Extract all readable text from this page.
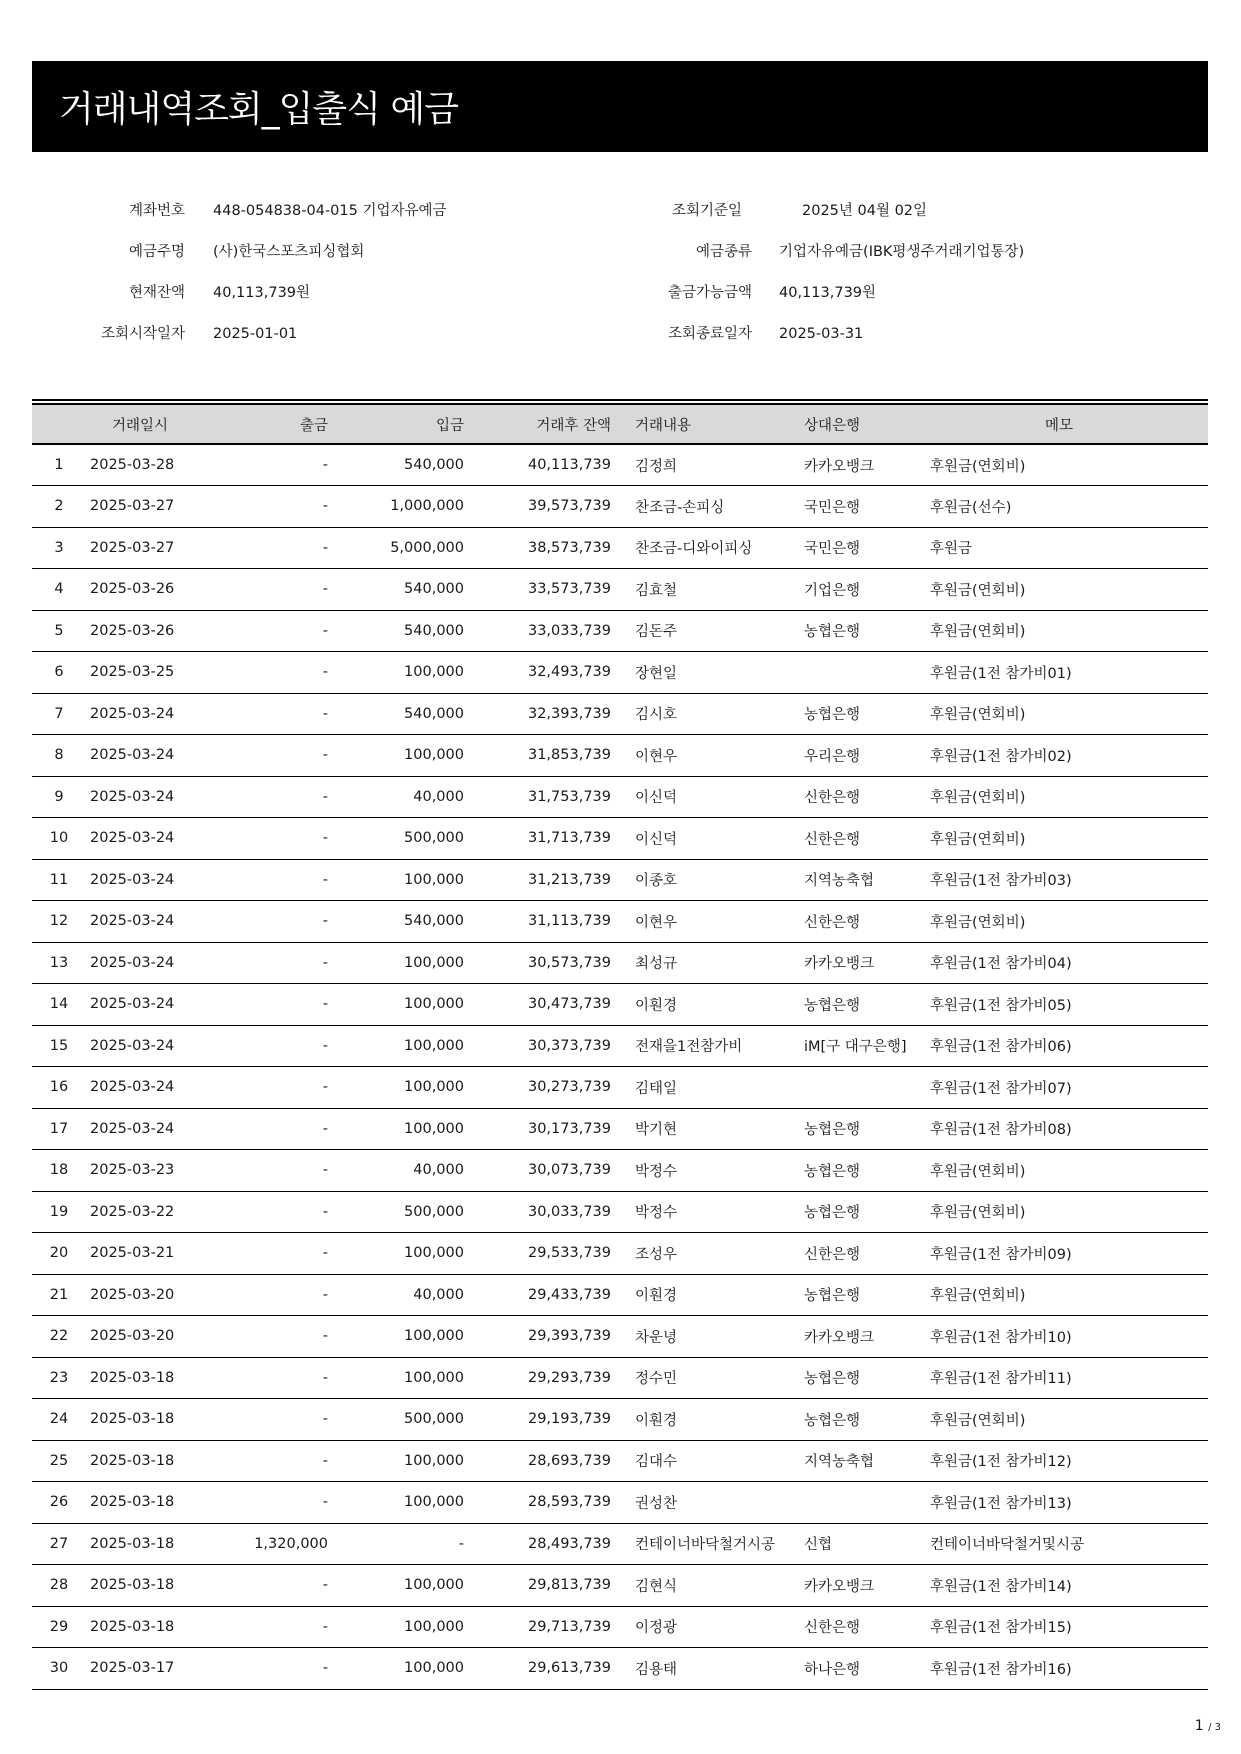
거래내역조회_입출식 예금
계좌번호 448-054838-04-015 기업자유예금	조회기준일	2025년 04월 02일
예금주명 (사)한국스포츠피싱협회	예금종류 기업자유예금(IBK평생주거래기업통장)
현재잔액 40,113,739원	출금가능금액 40,113,739원
조회시작일자 2025-01-01	조회종료일자 2025-03-31
	거래일시	출금	입금	거래후 잔액	거래내용	상대은행	메모
1	2025-03-28	-	540,000	40,113,739	김정희	카카오뱅크	후원금(연회비)
2	2025-03-27	-	1,000,000	39,573,739	찬조금-손피싱	국민은행	후원금(선수)
3	2025-03-27	-	5,000,000	38,573,739	찬조금-디와이피싱	국민은행	후원금
4	2025-03-26	-	540,000	33,573,739	김효철	기업은행	후원금(연회비)
5	2025-03-26	-	540,000	33,033,739	김돈주	농협은행	후원금(연회비)
6	2025-03-25	-	100,000	32,493,739	장현일		후원금(1전 참가비01)
7	2025-03-24	-	540,000	32,393,739	김시호	농협은행	후원금(연회비)
8	2025-03-24	-	100,000	31,853,739	이현우	우리은행	후원금(1전 참가비02)
9	2025-03-24	-	40,000	31,753,739	이신덕	신한은행	후원금(연회비)
10	2025-03-24	-	500,000	31,713,739	이신덕	신한은행	후원금(연회비)
11	2025-03-24	-	100,000	31,213,739	이종호	지역농축협	후원금(1전 참가비03)
12	2025-03-24	-	540,000	31,113,739	이현우	신한은행	후원금(연회비)
13	2025-03-24	-	100,000	30,573,739	최성규	카카오뱅크	후원금(1전 참가비04)
14	2025-03-24	-	100,000	30,473,739	이훤경	농협은행	후원금(1전 참가비05)
15	2025-03-24	-	100,000	30,373,739	전재을1전참가비	iM[구 대구은행]	후원금(1전 참가비06)
16	2025-03-24	-	100,000	30,273,739	김태일		후원금(1전 참가비07)
17	2025-03-24	-	100,000	30,173,739	박기현	농협은행	후원금(1전 참가비08)
18	2025-03-23	-	40,000	30,073,739	박정수	농협은행	후원금(연회비)
19	2025-03-22	-	500,000	30,033,739	박정수	농협은행	후원금(연회비)
20	2025-03-21	-	100,000	29,533,739	조성우	신한은행	후원금(1전 참가비09)
21	2025-03-20	-	40,000	29,433,739	이훤경	농협은행	후원금(연회비)
22	2025-03-20	-	100,000	29,393,739	차운녕	카카오뱅크	후원금(1전 참가비10)
23	2025-03-18	-	100,000	29,293,739	정수민	농협은행	후원금(1전 참가비11)
24	2025-03-18	-	500,000	29,193,739	이훤경	농협은행	후원금(연회비)
25	2025-03-18	-	100,000	28,693,739	김대수	지역농축협	후원금(1전 참가비12)
26	2025-03-18	-	100,000	28,593,739	권성찬		후원금(1전 참가비13)
27	2025-03-18	1,320,000	-	28,493,739	컨테이너바닥철거시공	신협	컨테이너바닥철거및시공
28	2025-03-18	-	100,000	29,813,739	김현식	카카오뱅크	후원금(1전 참가비14)
29	2025-03-18	-	100,000	29,713,739	이정광	신한은행	후원금(1전 참가비15)
30	2025-03-17	-	100,000	29,613,739	김용태	하나은행	후원금(1전 참가비16)
1 / 3
